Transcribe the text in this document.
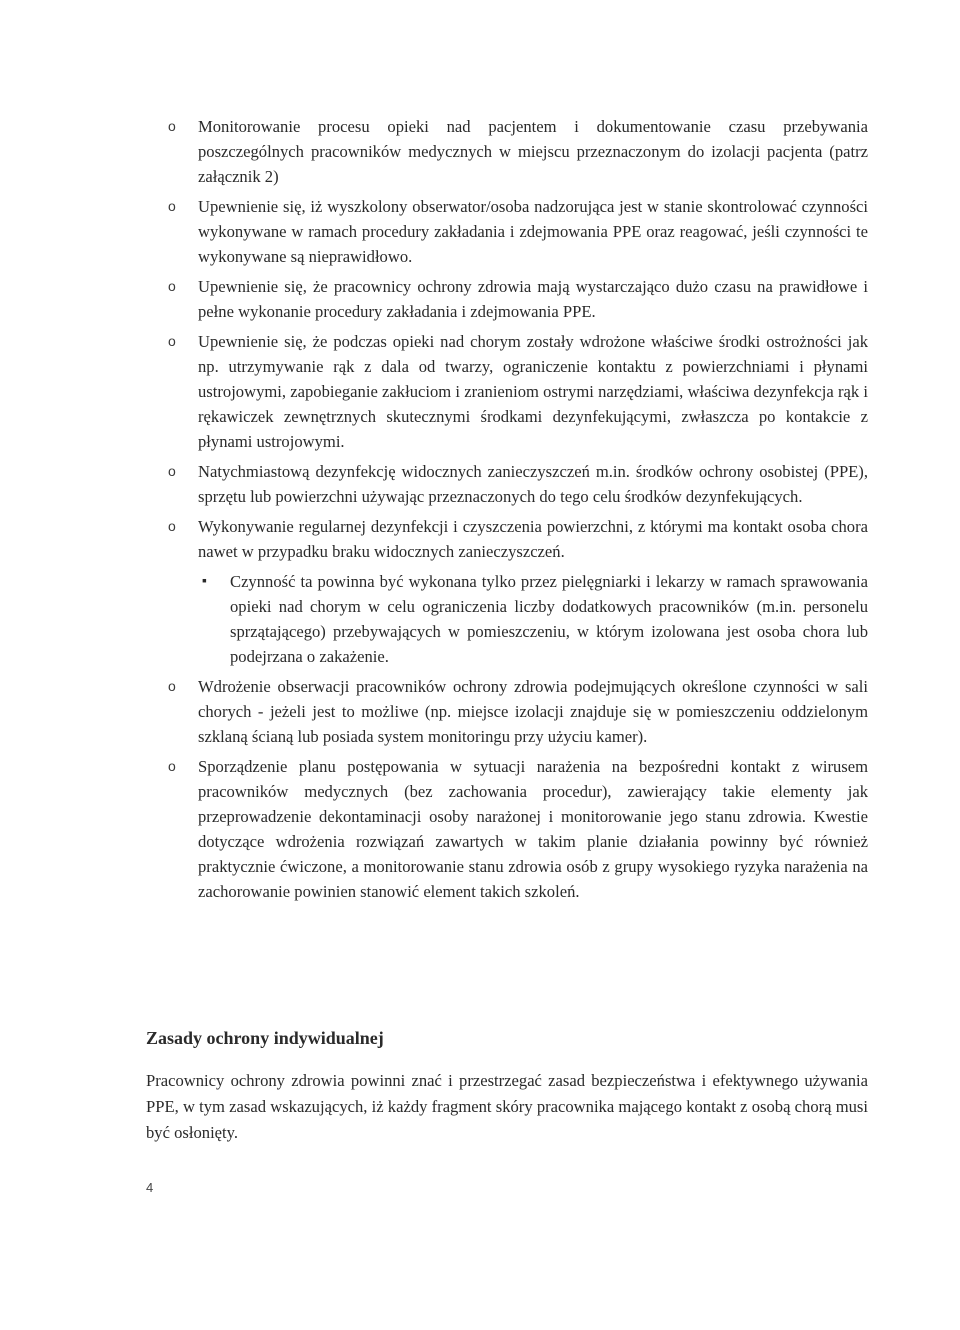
o Monitorowanie procesu opieki nad pacjentem i dokumentowanie czasu przebywania poszczególnych pracowników medycznych w miejscu przeznaczonym do izolacji pacjenta (patrz załącznik 2)
o Upewnienie się, iż wyszkolony obserwator/osoba nadzorująca jest w stanie skontrolować czynności wykonywane w ramach procedury zakładania i zdejmowania PPE oraz reagować, jeśli czynności te wykonywane są nieprawidłowo.
o Upewnienie się, że pracownicy ochrony zdrowia mają wystarczająco dużo czasu na prawidłowe i pełne wykonanie procedury zakładania i zdejmowania PPE.
o Upewnienie się, że podczas opieki nad chorym zostały wdrożone właściwe środki ostrożności jak np. utrzymywanie rąk z dala od twarzy, ograniczenie kontaktu z powierzchniami i płynami ustrojowymi, zapobieganie zakłuciom i zranieniom ostrymi narzędziami, właściwa dezynfekcja rąk i rękawiczek zewnętrznych skutecznymi środkami dezynfekującymi, zwłaszcza po kontakcie z płynami ustrojowymi.
o Natychmiastową dezynfekcję widocznych zanieczyszczeń m.in. środków ochrony osobistej (PPE), sprzętu lub powierzchni używając przeznaczonych do tego celu środków dezynfekujących.
o Wykonywanie regularnej dezynfekcji i czyszczenia powierzchni, z którymi ma kontakt osoba chora nawet w przypadku braku widocznych zanieczyszczeń.
▪ Czynność ta powinna być wykonana tylko przez pielęgniarki i lekarzy w ramach sprawowania opieki nad chorym w celu ograniczenia liczby dodatkowych pracowników (m.in. personelu sprzątającego) przebywających w pomieszczeniu, w którym izolowana jest osoba chora lub podejrzana o zakażenie.
o Wdrożenie obserwacji pracowników ochrony zdrowia podejmujących określone czynności w sali chorych - jeżeli jest to możliwe (np. miejsce izolacji znajduje się w pomieszczeniu oddzielonym szklaną ścianą lub posiada system monitoringu przy użyciu kamer).
o Sporządzenie planu postępowania w sytuacji narażenia na bezpośredni kontakt z wirusem pracowników medycznych (bez zachowania procedur), zawierający takie elementy jak przeprowadzenie dekontaminacji osoby narażonej i monitorowanie jego stanu zdrowia. Kwestie dotyczące wdrożenia rozwiązań zawartych w takim planie działania powinny być również praktycznie ćwiczone, a monitorowanie stanu zdrowia osób z grupy wysokiego ryzyka narażenia na zachorowanie powinien stanowić element takich szkoleń.
Zasady ochrony indywidualnej

Pracownicy ochrony zdrowia powinni znać i przestrzegać zasad bezpieczeństwa i efektywnego używania PPE, w tym zasad wskazujących, iż każdy fragment skóry pracownika mającego kontakt z osobą chorą musi być osłonięty.

4
